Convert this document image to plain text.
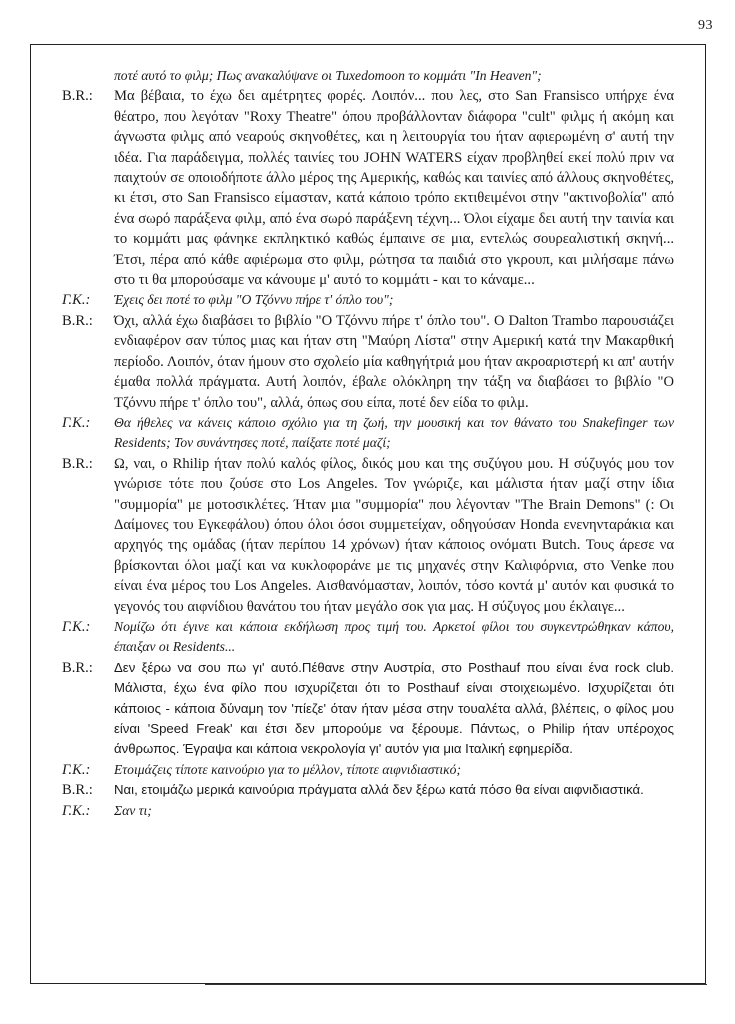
93
ποτέ αυτό το φιλμ; Πως ανακαλύψανε οι Tuxedomoon το κομμάτι "In Heaven";
B.R.:	Μα βέβαια, το έχω δει αμέτρητες φορές. Λοιπόν... που λες, στο San Fransisco υπήρχε ένα θέατρο, που λεγόταν "Roxy Theatre" όπου προβάλλονταν διάφορα "cult" φιλμς ή ακόμη και άγνωστα φιλμς από νεαρούς σκηνοθέτες, και η λειτουργία του ήταν αφιερωμένη σ' αυτή την ιδέα. Για παράδειγμα, πολλές ταινίες του JOHN WATERS είχαν προβληθεί εκεί πολύ πριν να παιχτούν σε οποιοδήποτε άλλο μέρος της Αμερικής, καθώς και ταινίες από άλλους σκηνοθέτες, κι έτσι, στο San Fransisco είμασταν, κατά κάποιο τρόπο εκτιθειμένοι στην "ακτινοβολία" από ένα σωρό παράξενα φιλμ, από ένα σωρό παράξενη τέχνη... Όλοι είχαμε δει αυτή την ταινία και το κομμάτι μας φάνηκε εκπληκτικό καθώς έμπαινε σε μια, εντελώς σουρεαλιστική σκηνή... Έτσι, πέρα από κάθε αφιέρωμα στο φιλμ, ρώτησα τα παιδιά στο γκρουπ, και μιλήσαμε πάνω στο τι θα μπορούσαμε να κάνουμε μ' αυτό το κομμάτι - και το κάναμε...
Γ.Κ.:	Έχεις δει ποτέ το φιλμ "Ο Τζόννυ πήρε τ' όπλο του";
B.R.:	Όχι, αλλά έχω διαβάσει το βιβλίο "Ο Τζόννυ πήρε τ' όπλο του". O Dalton Trambo παρουσιάζει ενδιαφέρον σαν τύπος μιας και ήταν στη "Μαύρη Λίστα" στην Αμερική κατά την Μακαρθική περίοδο. Λοιπόν, όταν ήμουν στο σχολείο μία καθηγήτριά μου ήταν ακροαριστερή κι απ' αυτήν έμαθα πολλά πράγματα. Αυτή λοιπόν, έβαλε ολόκληρη την τάξη να διαβάσει το βιβλίο "Ο Τζόννυ πήρε τ' όπλο του", αλλά, όπως σου είπα, ποτέ δεν είδα το φιλμ.
Γ.Κ.:	Θα ήθελες να κάνεις κάποιο σχόλιο για τη ζωή, την μουσική και τον θάνατο του Snakefinger των Residents; Τον συνάντησες ποτέ, παίξατε ποτέ μαζί;
B.R.:	Ω, ναι, ο Rhilip ήταν πολύ καλός φίλος, δικός μου και της συζύγου μου. Η σύζυγός μου τον γνώρισε τότε που ζούσε στο Los Angeles. Τον γνώριζε, και μάλιστα ήταν μαζί στην ίδια "συμμορία" με μοτοσικλέτες. Ήταν μια "συμμορία" που λέγονταν "The Brain Demons" (: Οι Δαίμονες του Εγκεφάλου) όπου όλοι όσοι συμμετείχαν, οδηγούσαν Honda ενενηνταράκια και αρχηγός της ομάδας (ήταν περίπου 14 χρόνων) ήταν κάποιος ονόματι Butch. Τους άρεσε να βρίσκονται όλοι μαζί και να κυκλοφοράνε με τις μηχανές στην Καλιφόρνια, στο Venke που είναι ένα μέρος του Los Angeles. Αισθανόμασταν, λοιπόν, τόσο κοντά μ' αυτόν και φυσικά το γεγονός του αιφνίδιου θανάτου του ήταν μεγάλο σοκ για μας. Η σύζυγος μου έκλαιγε...
Γ.Κ.:	Νομίζω ότι έγινε και κάποια εκδήλωση προς τιμή του. Αρκετοί φίλοι του συγκεντρώθηκαν κάπου, έπαιξαν οι Residents...
B.R.:	Δεν ξέρω να σου πω γι' αυτό.Πέθανε στην Αυστρία, στο Posthauf που είναι ένα rock club. Μάλιστα, έχω ένα φίλο που ισχυρίζεται ότι το Posthauf είναι στοιχειωμένο. Ισχυρίζεται ότι κάποιος - κάποια δύναμη τον 'πίεζε' όταν ήταν μέσα στην τουαλέτα αλλά, βλέπεις, ο φίλος μου είναι 'Speed Freak' και έτσι δεν μπορούμε να ξέρουμε. Πάντως, ο Philip ήταν υπέροχος άνθρωπος. Έγραψα και κάποια νεκρολογία γι' αυτόν για μια Ιταλική εφημερίδα.
Γ.Κ.:	Ετοιμάζεις τίποτε καινούριο για το μέλλον, τίποτε αιφνιδιαστικό;
B.R.:	Ναι, ετοιμάζω μερικά καινούρια πράγματα αλλά δεν ξέρω κατά πόσο θα είναι αιφνιδιαστικά.
Γ.Κ.:	Σαν τι;
